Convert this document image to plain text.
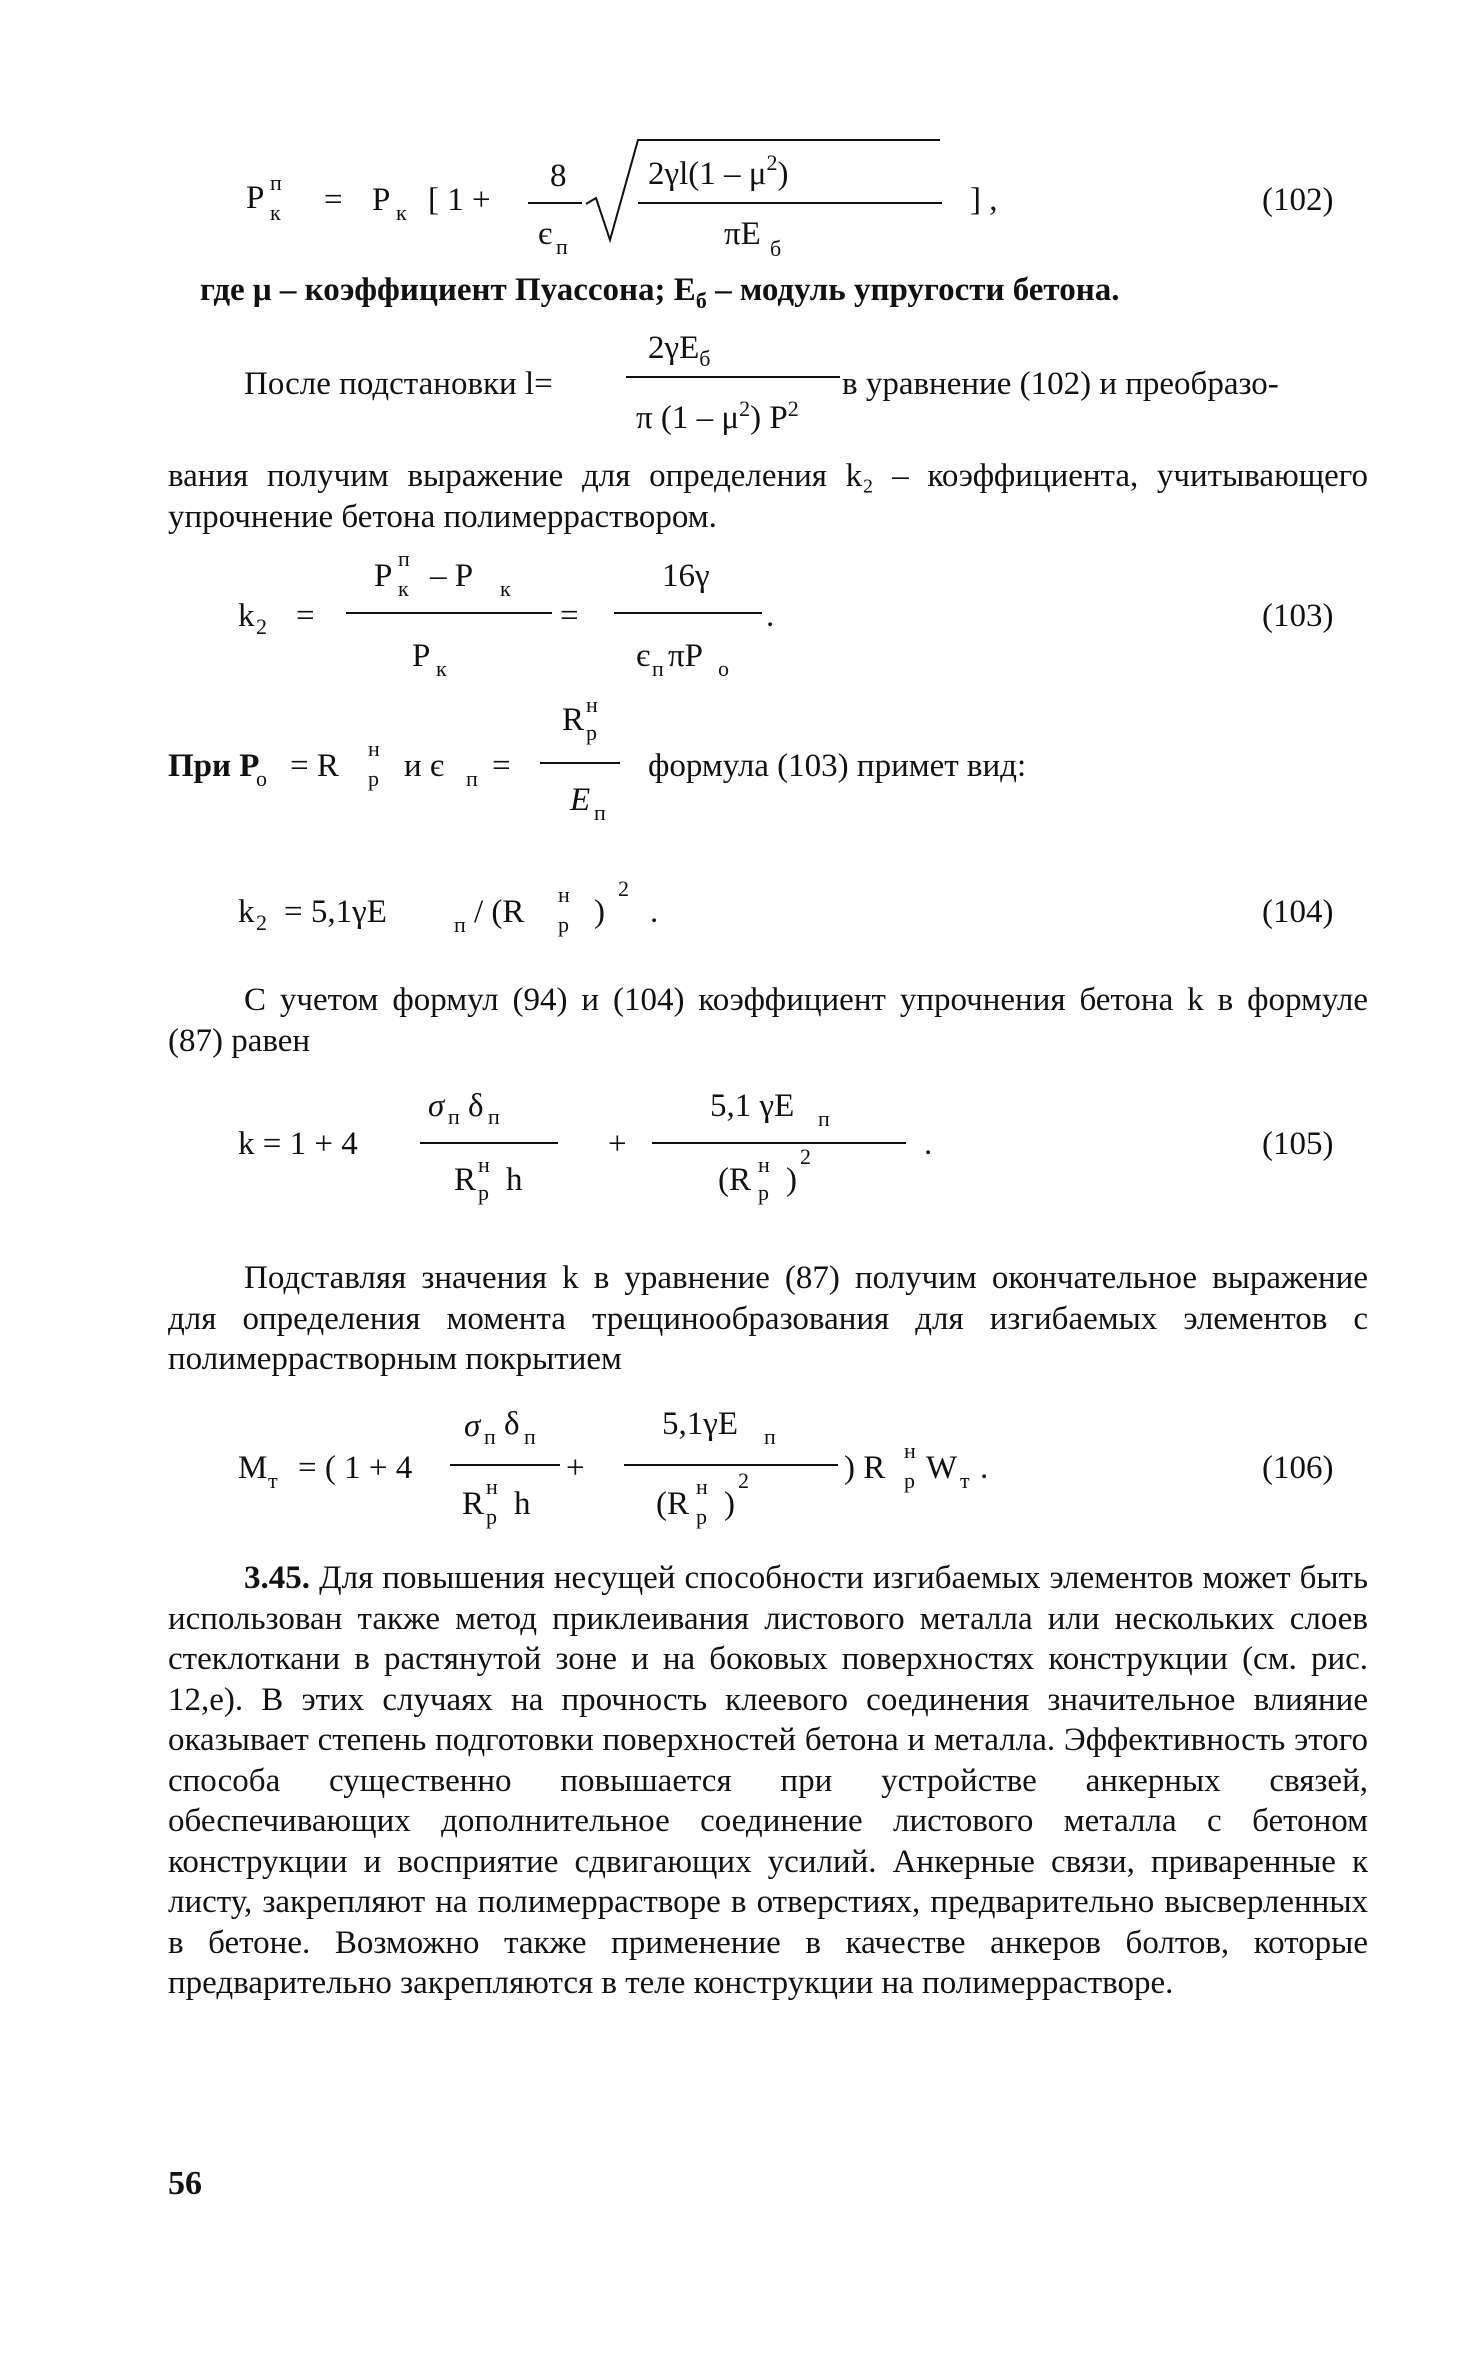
P п
к = P к [ 1 +
8
є п
$2\gamma l(1 - \mu^2)$
πE б
] ,	(102)
где μ – коэффициент Пуассона; $E_б$ – модуль упругости бетона.
После подстановки l=
$2\gamma E_б$
π $(1 - \mu^2)$ $P^2$
в уравнение (102) и преобразо-
вания получим выражение для определения k₂ – коэффициента, учитывающего упрочнение бетона полимерраствором.
k 2 =
P п
к – P к
P к
=
16γ
є п πP o
.	(103)
При P
o = R н
p и є п =
R н
p
E п
формула (103) примет вид:
k 2 = 5,1γE	п / (R н
p )
2
.	(104)
С учетом формул (94) и (104) коэффициент упрочнения бетона k в формуле (87) равен
k = 1 + 4
σ п δ п
R н
p h
+
5,1 γE п
(R н
p )
2	.	(105)
Подставляя значения k в уравнение (87) получим окончательное выражение для определения момента трещинообразования для изгибаемых элементов с полимеррастворным покрытием
M т = ( 1 + 4
σ п δ п
R н
p h
+
5,1γE п
(R н
p )
2	) R н
p W т .	(106)
3.45. Для повышения несущей способности изгибаемых элементов может быть использован также метод приклеивания листового металла или нескольких слоев стеклоткани в растянутой зоне и на боковых поверхностях конструкции (см. рис. 12,е). В этих случаях на прочность клеевого соединения значительное влияние оказывает степень подготовки поверхностей бетона и металла. Эффективность этого способа существенно повышается при устройстве анкерных связей, обеспечивающих дополнительное соединение листового металла с бетоном конструкции и восприятие сдвигающих усилий. Анкерные связи, приваренные к листу, закрепляют на полимеррастворе в отверстиях, предварительно высверленных в бетоне. Возможно также применение в качестве анкеров болтов, которые предварительно закрепляются в теле конструкции на полимеррастворе.
56
